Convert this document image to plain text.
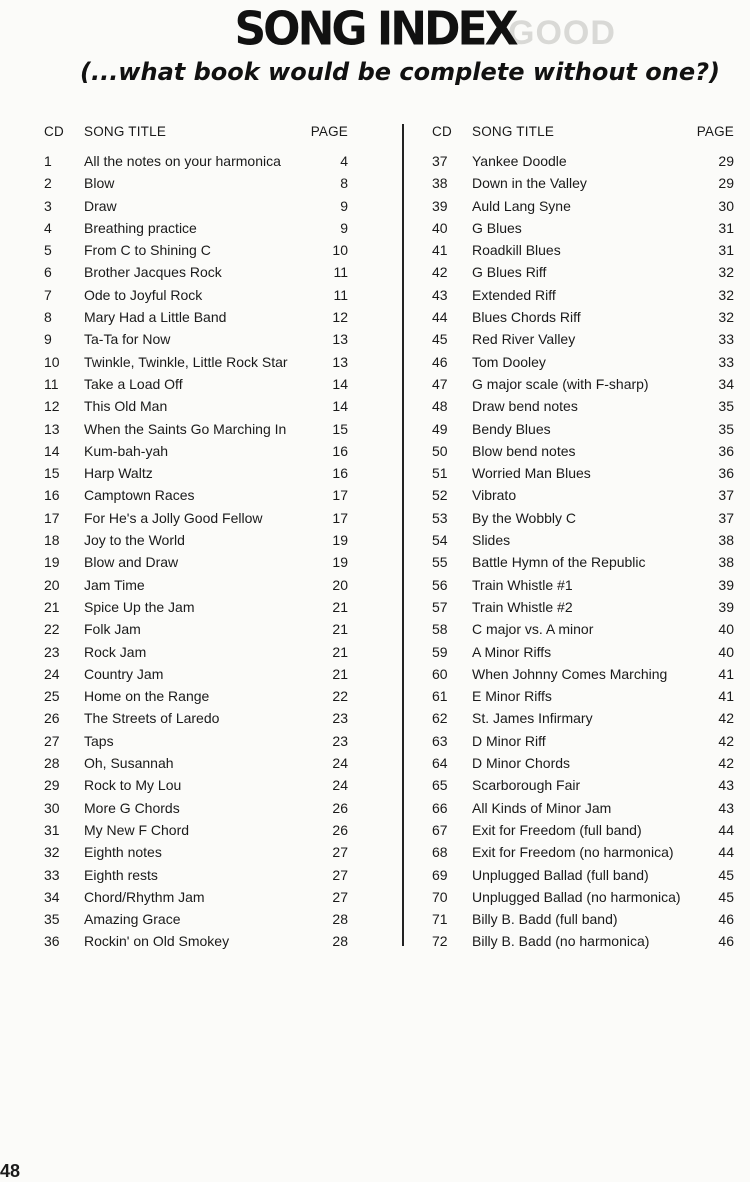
GOOD
SONG INDEX

(...what book would be complete without one?)

CD	SONG TITLE	PAGE
1	All the notes on your harmonica	4
2	Blow	8
3	Draw	9
4	Breathing practice	9
5	From C to Shining C	10
6	Brother Jacques Rock	11
7	Ode to Joyful Rock	11
8	Mary Had a Little Band	12
9	Ta-Ta for Now	13
10	Twinkle, Twinkle, Little Rock Star	13
11	Take a Load Off	14
12	This Old Man	14
13	When the Saints Go Marching In	15
14	Kum-bah-yah	16
15	Harp Waltz	16
16	Camptown Races	17
17	For He's a Jolly Good Fellow	17
18	Joy to the World	19
19	Blow and Draw	19
20	Jam Time	20
21	Spice Up the Jam	21
22	Folk Jam	21
23	Rock Jam	21
24	Country Jam	21
25	Home on the Range	22
26	The Streets of Laredo	23
27	Taps	23
28	Oh, Susannah	24
29	Rock to My Lou	24
30	More G Chords	26
31	My New F Chord	26
32	Eighth notes	27
33	Eighth rests	27
34	Chord/Rhythm Jam	27
35	Amazing Grace	28
36	Rockin' on Old Smokey	28
CD	SONG TITLE	PAGE
37	Yankee Doodle	29
38	Down in the Valley	29
39	Auld Lang Syne	30
40	G Blues	31
41	Roadkill Blues	31
42	G Blues Riff	32
43	Extended Riff	32
44	Blues Chords Riff	32
45	Red River Valley	33
46	Tom Dooley	33
47	G major scale (with F-sharp)	34
48	Draw bend notes	35
49	Bendy Blues	35
50	Blow bend notes	36
51	Worried Man Blues	36
52	Vibrato	37
53	By the Wobbly C	37
54	Slides	38
55	Battle Hymn of the Republic	38
56	Train Whistle #1	39
57	Train Whistle #2	39
58	C major vs. A minor	40
59	A Minor Riffs	40
60	When Johnny Comes Marching	41
61	E Minor Riffs	41
62	St. James Infirmary	42
63	D Minor Riff	42
64	D Minor Chords	42
65	Scarborough Fair	43
66	All Kinds of Minor Jam	43
67	Exit for Freedom (full band)	44
68	Exit for Freedom (no harmonica)	44
69	Unplugged Ballad (full band)	45
70	Unplugged Ballad (no harmonica)	45
71	Billy B. Badd (full band)	46
72	Billy B. Badd (no harmonica)	46
48
